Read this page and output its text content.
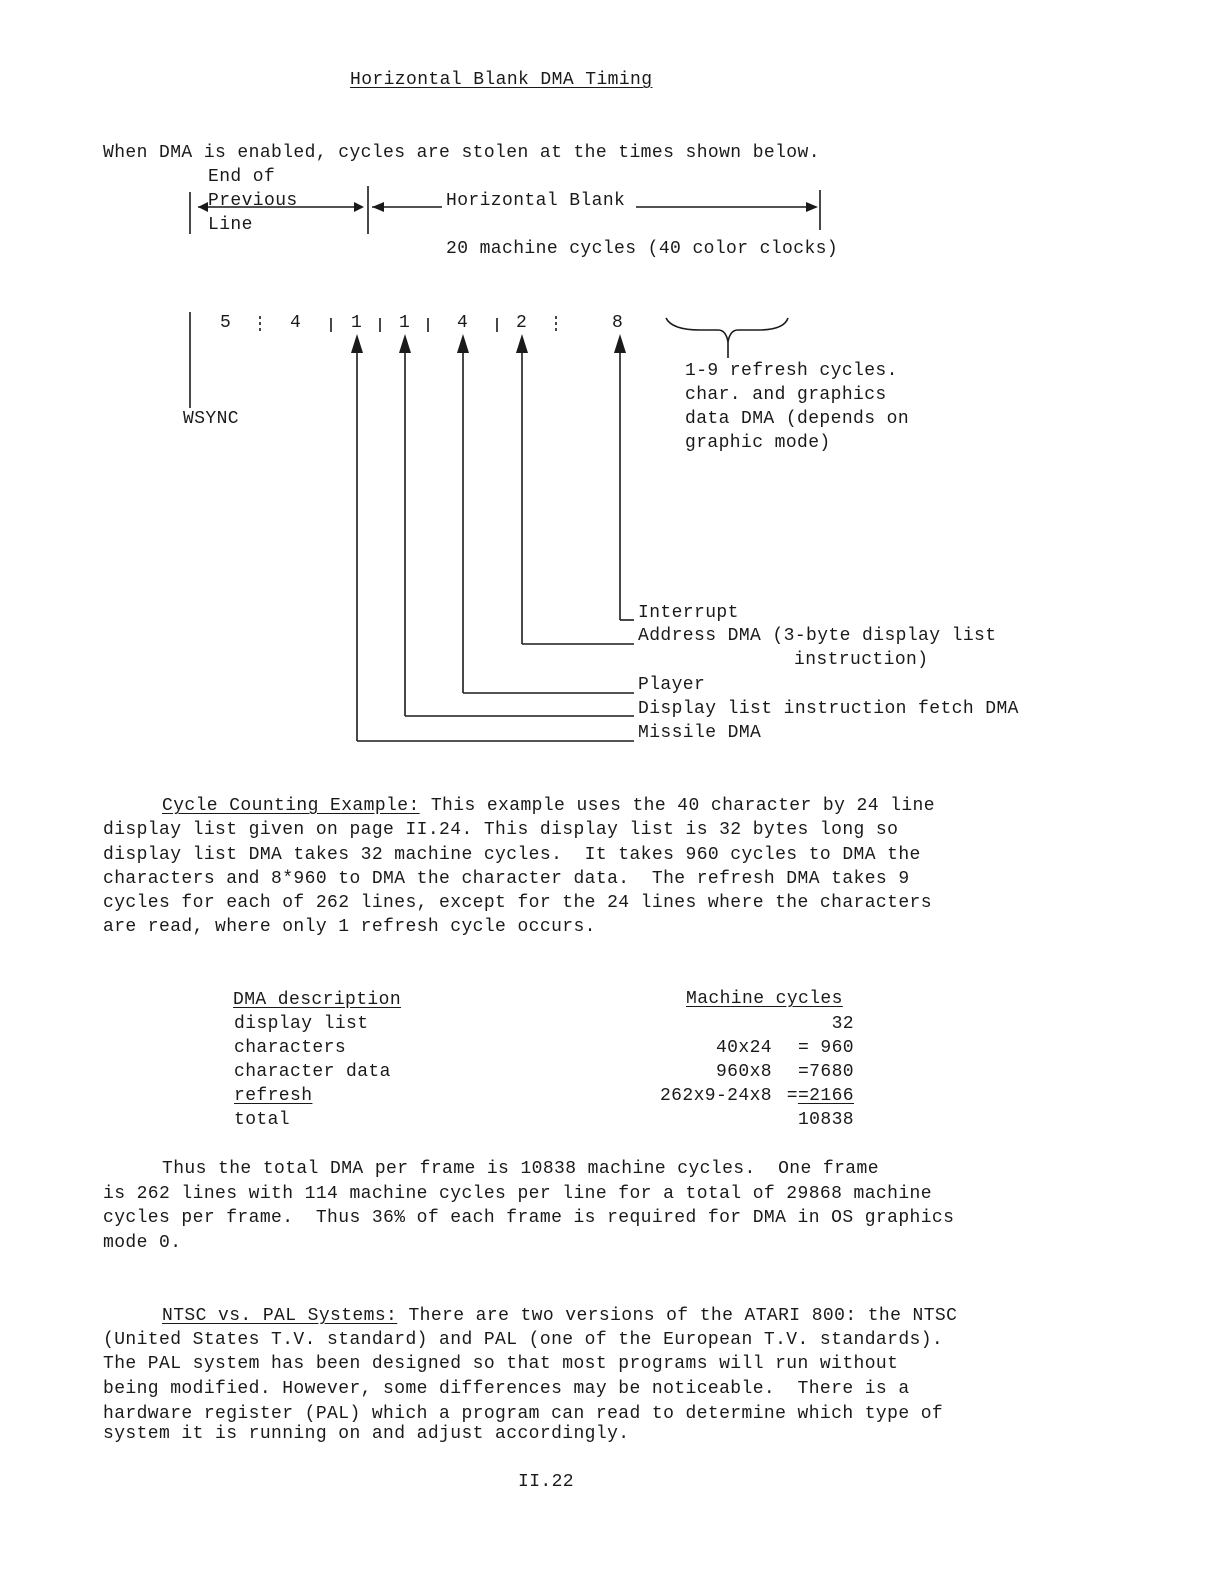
Horizontal Blank DMA Timing
When DMA is enabled, cycles are stolen at the times shown below.
End of
Previous
Line
Horizontal Blank
20 machine cycles (40 color clocks)
5	4	1 1	4	2	8
WSYNC
1-9 refresh cycles.
char. and graphics
data DMA (depends on
graphic mode)
Interrupt
Address DMA (3-byte display list
instruction)
Player
Display list instruction fetch DMA
Missile DMA
Cycle Counting Example: This example uses the 40 character by 24 line
display list given on page II.24. This display list is 32 bytes long so
display list DMA takes 32 machine cycles.  It takes 960 cycles to DMA the
characters and 8*960 to DMA the character data.  The refresh DMA takes 9
cycles for each of 262 lines, except for the 24 lines where the characters
are read, where only 1 refresh cycle occurs.
DMA description	Machine cycles
display list	32
characters	40x24	= 960
character data	960x8	=7680
refresh	262x9-24x8 ==2166
total	10838
Thus the total DMA per frame is 10838 machine cycles.  One frame
is 262 lines with 114 machine cycles per line for a total of 29868 machine
cycles per frame.  Thus 36% of each frame is required for DMA in OS graphics
mode 0.
NTSC vs. PAL Systems: There are two versions of the ATARI 800: the NTSC
(United States T.V. standard) and PAL (one of the European T.V. standards).
The PAL system has been designed so that most programs will run without
being modified. However, some differences may be noticeable.  There is a
hardware register (PAL) which a program can read to determine which type of
system it is running on and adjust accordingly.
II.22
